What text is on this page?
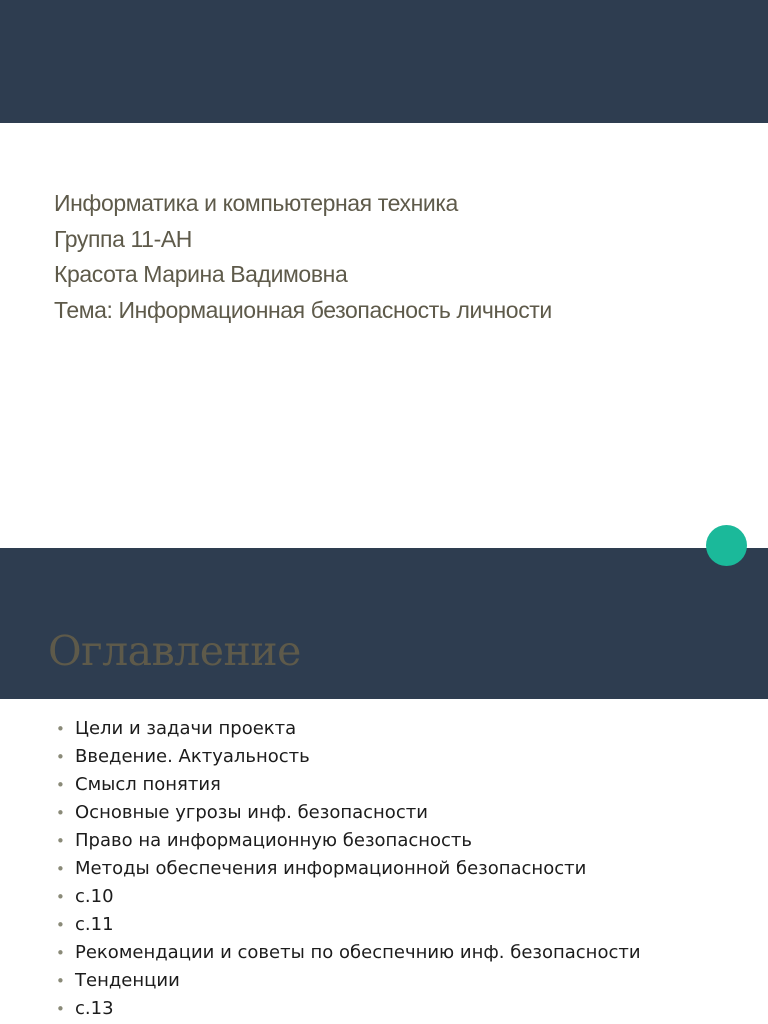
Информатика и компьютерная техника
Группа 11-АН
Красота Марина Вадимовна
Тема: Информационная безопасность личности
Оглавление
• Цели и задачи проекта
• Введение. Актуальность
• Смысл понятия
• Основные угрозы инф. безопасности
• Право на информационную безопасность
• Методы обеспечения информационной безопасности
• с.10
• с.11
• Рекомендации и советы по обеспечнию инф. безопасности
• Тенденции
• с.13
